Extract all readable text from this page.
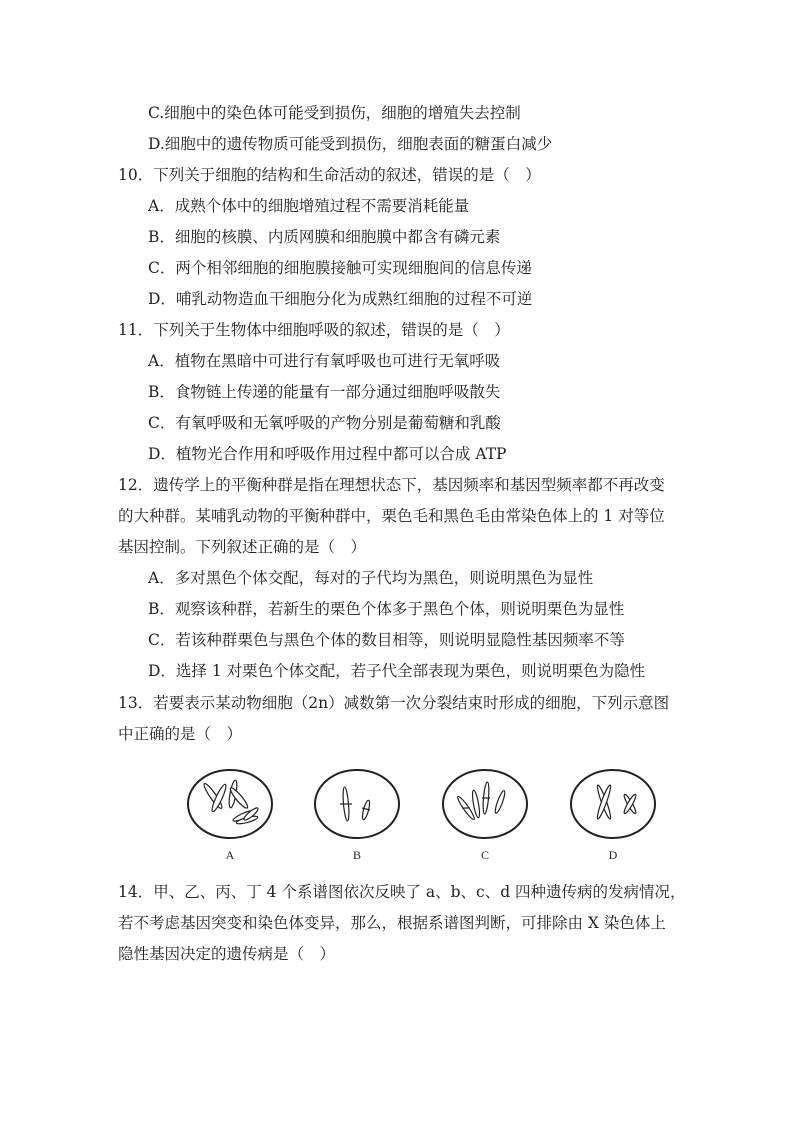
C.细胞中的染色体可能受到损伤，细胞的增殖失去控制
D.细胞中的遗传物质可能受到损伤，细胞表面的糖蛋白减少
10．下列关于细胞的结构和生命活动的叙述，错误的是（　）
A．成熟个体中的细胞增殖过程不需要消耗能量
B．细胞的核膜、内质网膜和细胞膜中都含有磷元素
C．两个相邻细胞的细胞膜接触可实现细胞间的信息传递
D．哺乳动物造血干细胞分化为成熟红细胞的过程不可逆
11．下列关于生物体中细胞呼吸的叙述，错误的是（　）
A．植物在黑暗中可进行有氧呼吸也可进行无氧呼吸
B．食物链上传递的能量有一部分通过细胞呼吸散失
C．有氧呼吸和无氧呼吸的产物分别是葡萄糖和乳酸
D．植物光合作用和呼吸作用过程中都可以合成 ATP
12．遗传学上的平衡种群是指在理想状态下，基因频率和基因型频率都不再改变
的大种群。某哺乳动物的平衡种群中，栗色毛和黑色毛由常染色体上的 1 对等位
基因控制。下列叙述正确的是（　）
A．多对黑色个体交配，每对的子代均为黑色，则说明黑色为显性
B．观察该种群，若新生的栗色个体多于黑色个体，则说明栗色为显性
C．若该种群栗色与黑色个体的数目相等，则说明显隐性基因频率不等
D．选择 1 对栗色个体交配，若子代全部表现为栗色，则说明栗色为隐性
13．若要表示某动物细胞（2n）减数第一次分裂结束时形成的细胞，下列示意图
中正确的是（　）
A	B	C	D
14．甲、乙、丙、丁 4 个系谱图依次反映了 a、b、c、d 四种遗传病的发病情况，
若不考虑基因突变和染色体变异，那么，根据系谱图判断，可排除由 X 染色体上
隐性基因决定的遗传病是（　）
